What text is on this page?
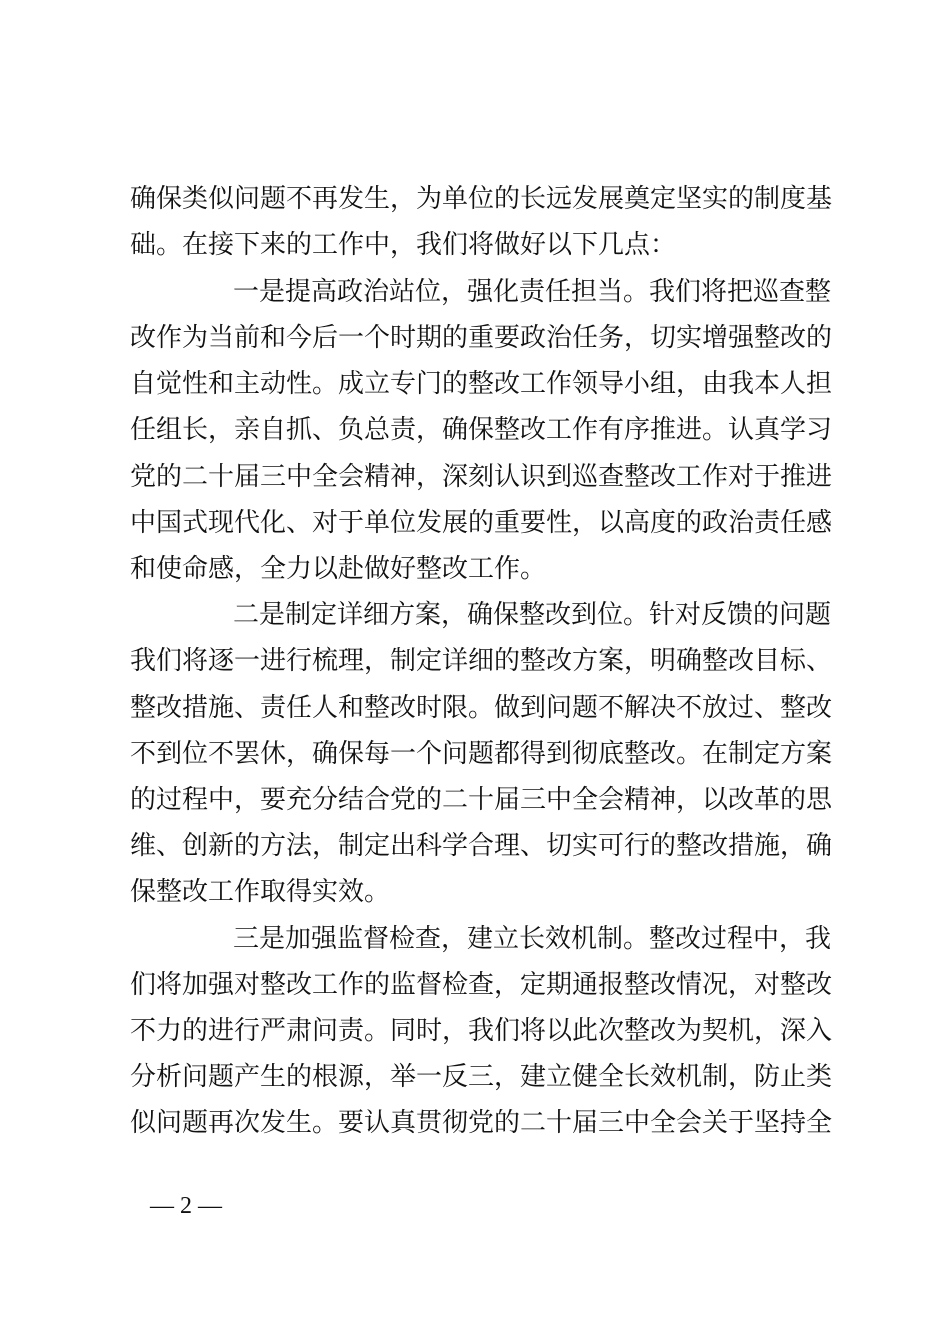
确保类似问题不再发生，为单位的长远发展奠定坚实的制度基
础。在接下来的工作中，我们将做好以下几点：
一是提高政治站位，强化责任担当。我们将把巡查整
改作为当前和今后一个时期的重要政治任务，切实增强整改的
自觉性和主动性。成立专门的整改工作领导小组，由我本人担
任组长，亲自抓、负总责，确保整改工作有序推进。认真学习
党的二十届三中全会精神，深刻认识到巡查整改工作对于推进
中国式现代化、对于单位发展的重要性，以高度的政治责任感
和使命感，全力以赴做好整改工作。
二是制定详细方案，确保整改到位。针对反馈的问题
我们将逐一进行梳理，制定详细的整改方案，明确整改目标、
整改措施、责任人和整改时限。做到问题不解决不放过、整改
不到位不罢休，确保每一个问题都得到彻底整改。在制定方案
的过程中，要充分结合党的二十届三中全会精神，以改革的思
维、创新的方法，制定出科学合理、切实可行的整改措施，确
保整改工作取得实效。
三是加强监督检查，建立长效机制。整改过程中，我
们将加强对整改工作的监督检查，定期通报整改情况，对整改
不力的进行严肃问责。同时，我们将以此次整改为契机，深入
分析问题产生的根源，举一反三，建立健全长效机制，防止类
似问题再次发生。要认真贯彻党的二十届三中全会关于坚持全
— 2 —
